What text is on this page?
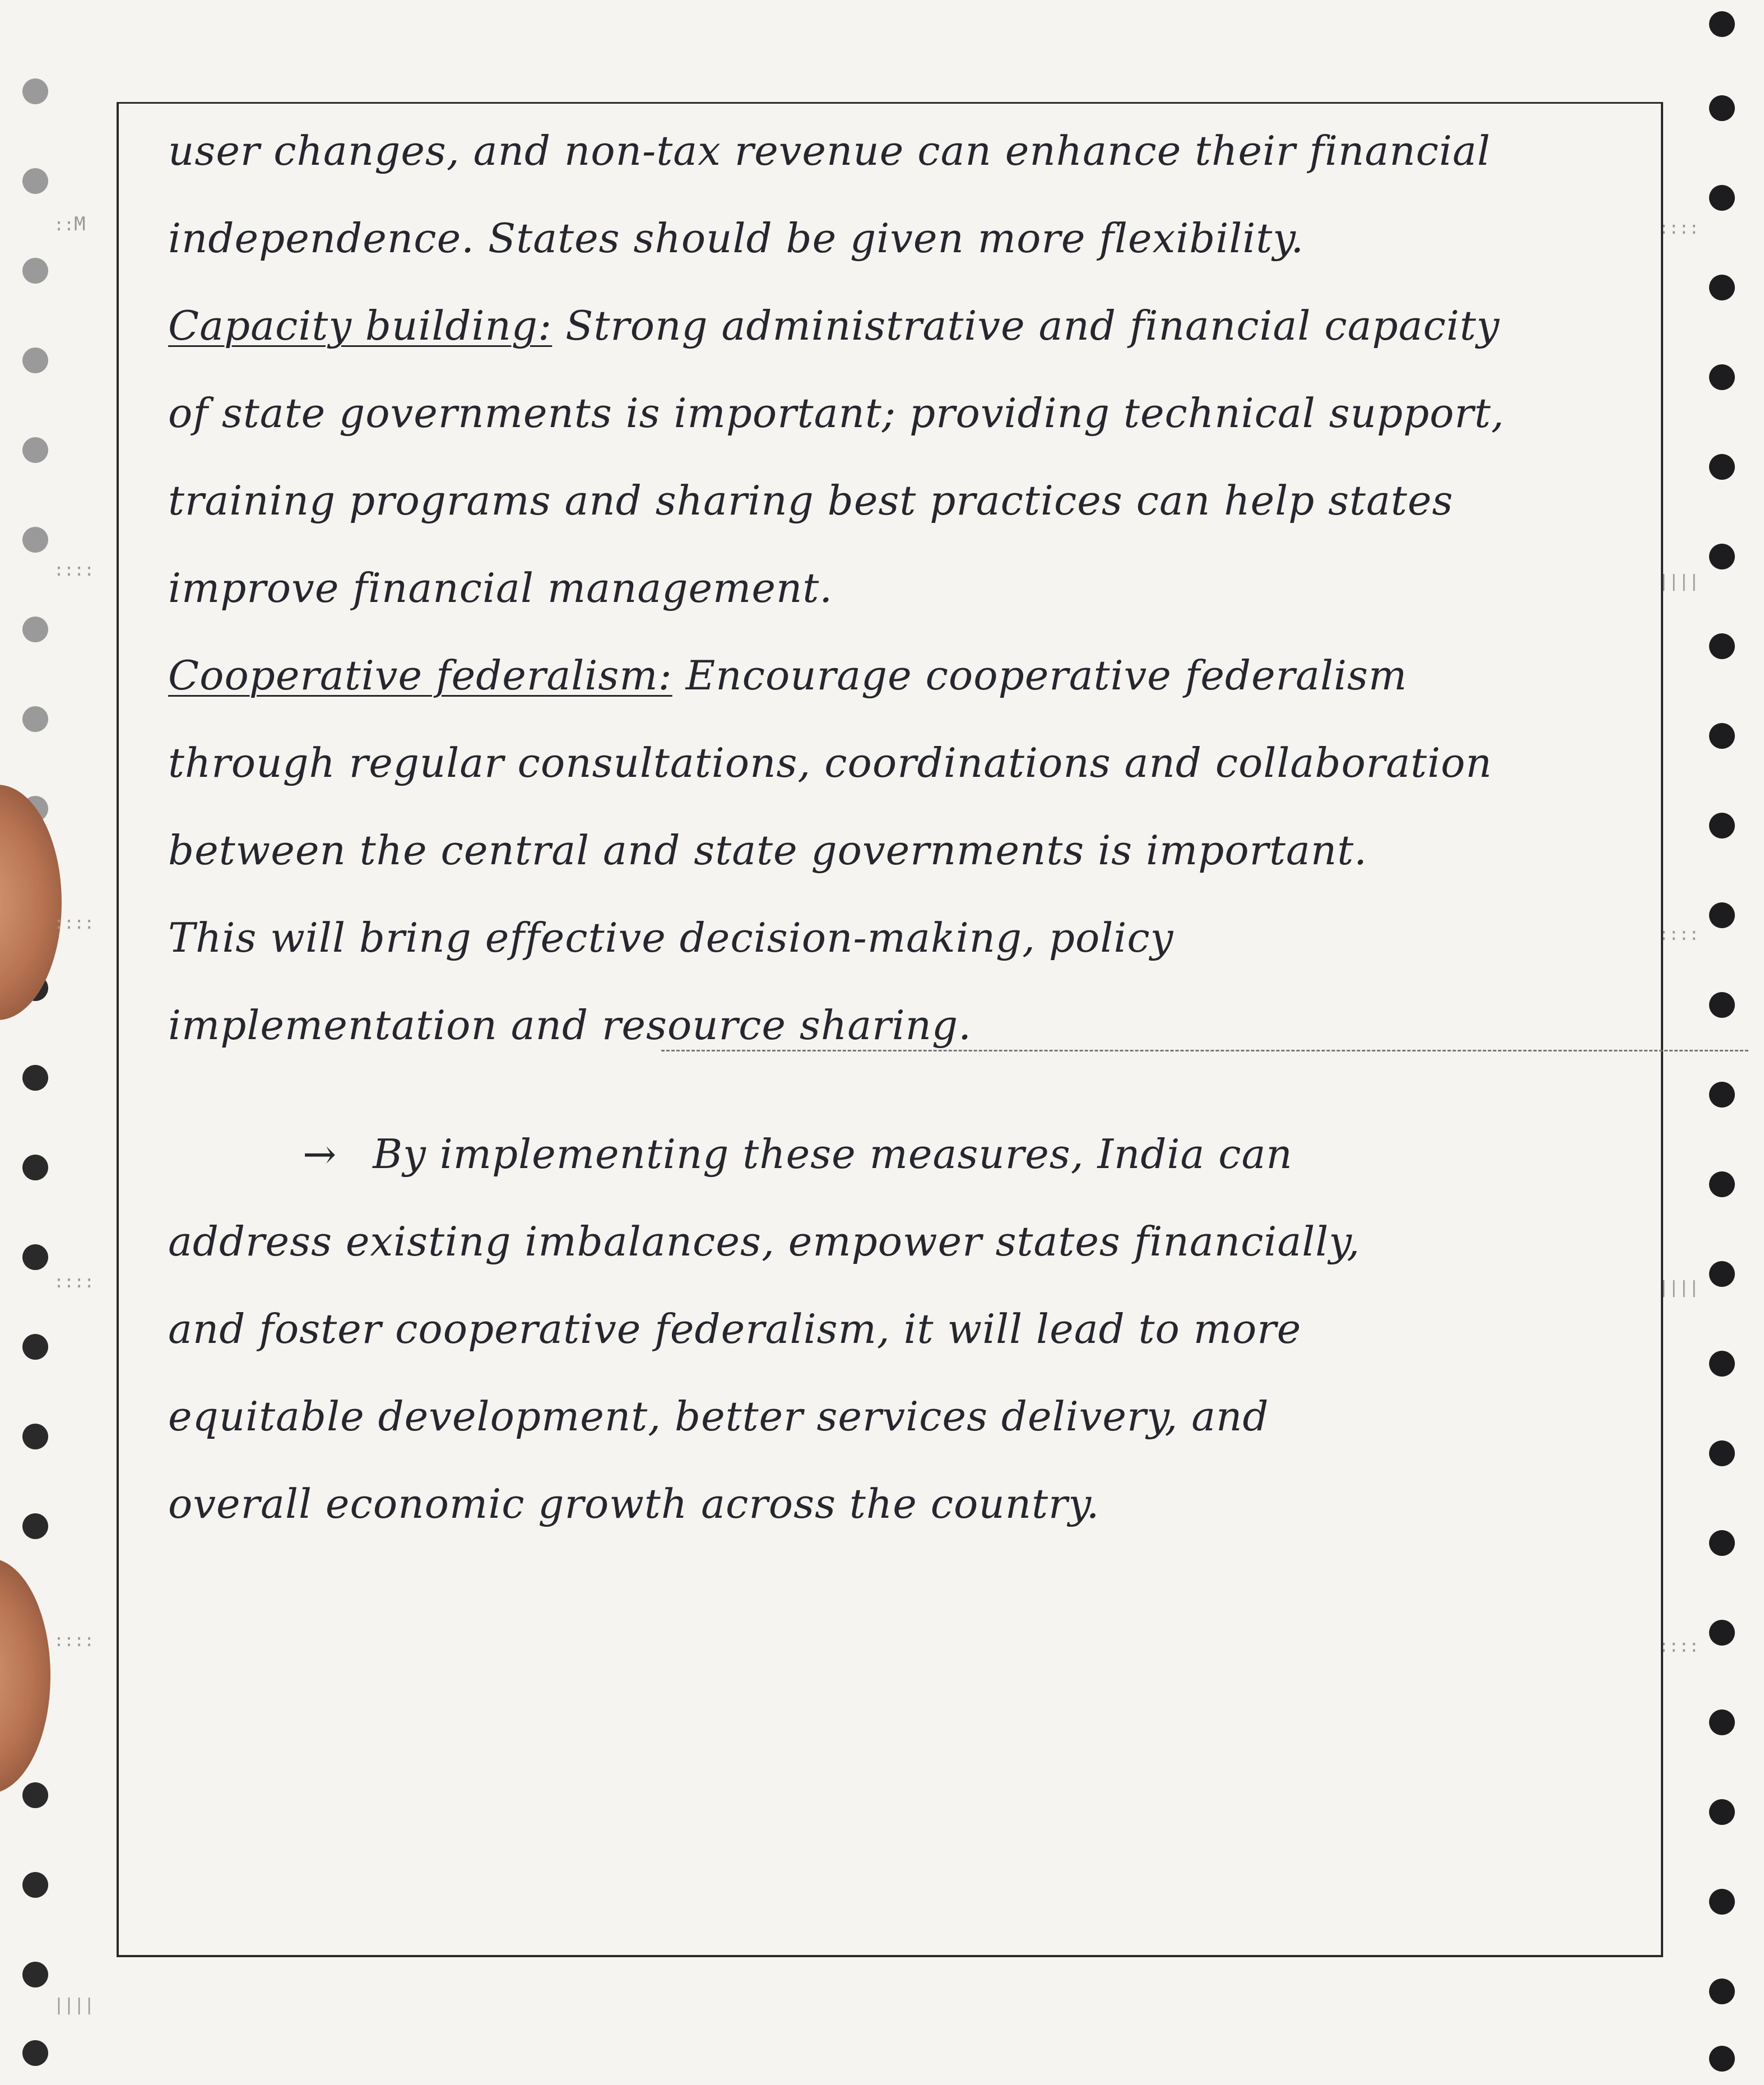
::M
::::
::::
::::
::::
||||
::::
||||
::::
||||
::::
user changes, and non-tax revenue can enhance their financial
independence. States should be given more flexibility.
Capacity building: Strong administrative and financial capacity
of state governments is important; providing technical support,
training programs and sharing best practices can help states
improve financial management.
Cooperative federalism: Encourage cooperative federalism
through regular consultations, coordinations and collaboration
between the central and state governments is important.
This will bring effective decision-making, policy
implementation and resource sharing.
→ By implementing these measures, India can
address existing imbalances, empower states financially,
and foster cooperative federalism, it will lead to more
equitable development, better services delivery, and
overall economic growth across the country.
